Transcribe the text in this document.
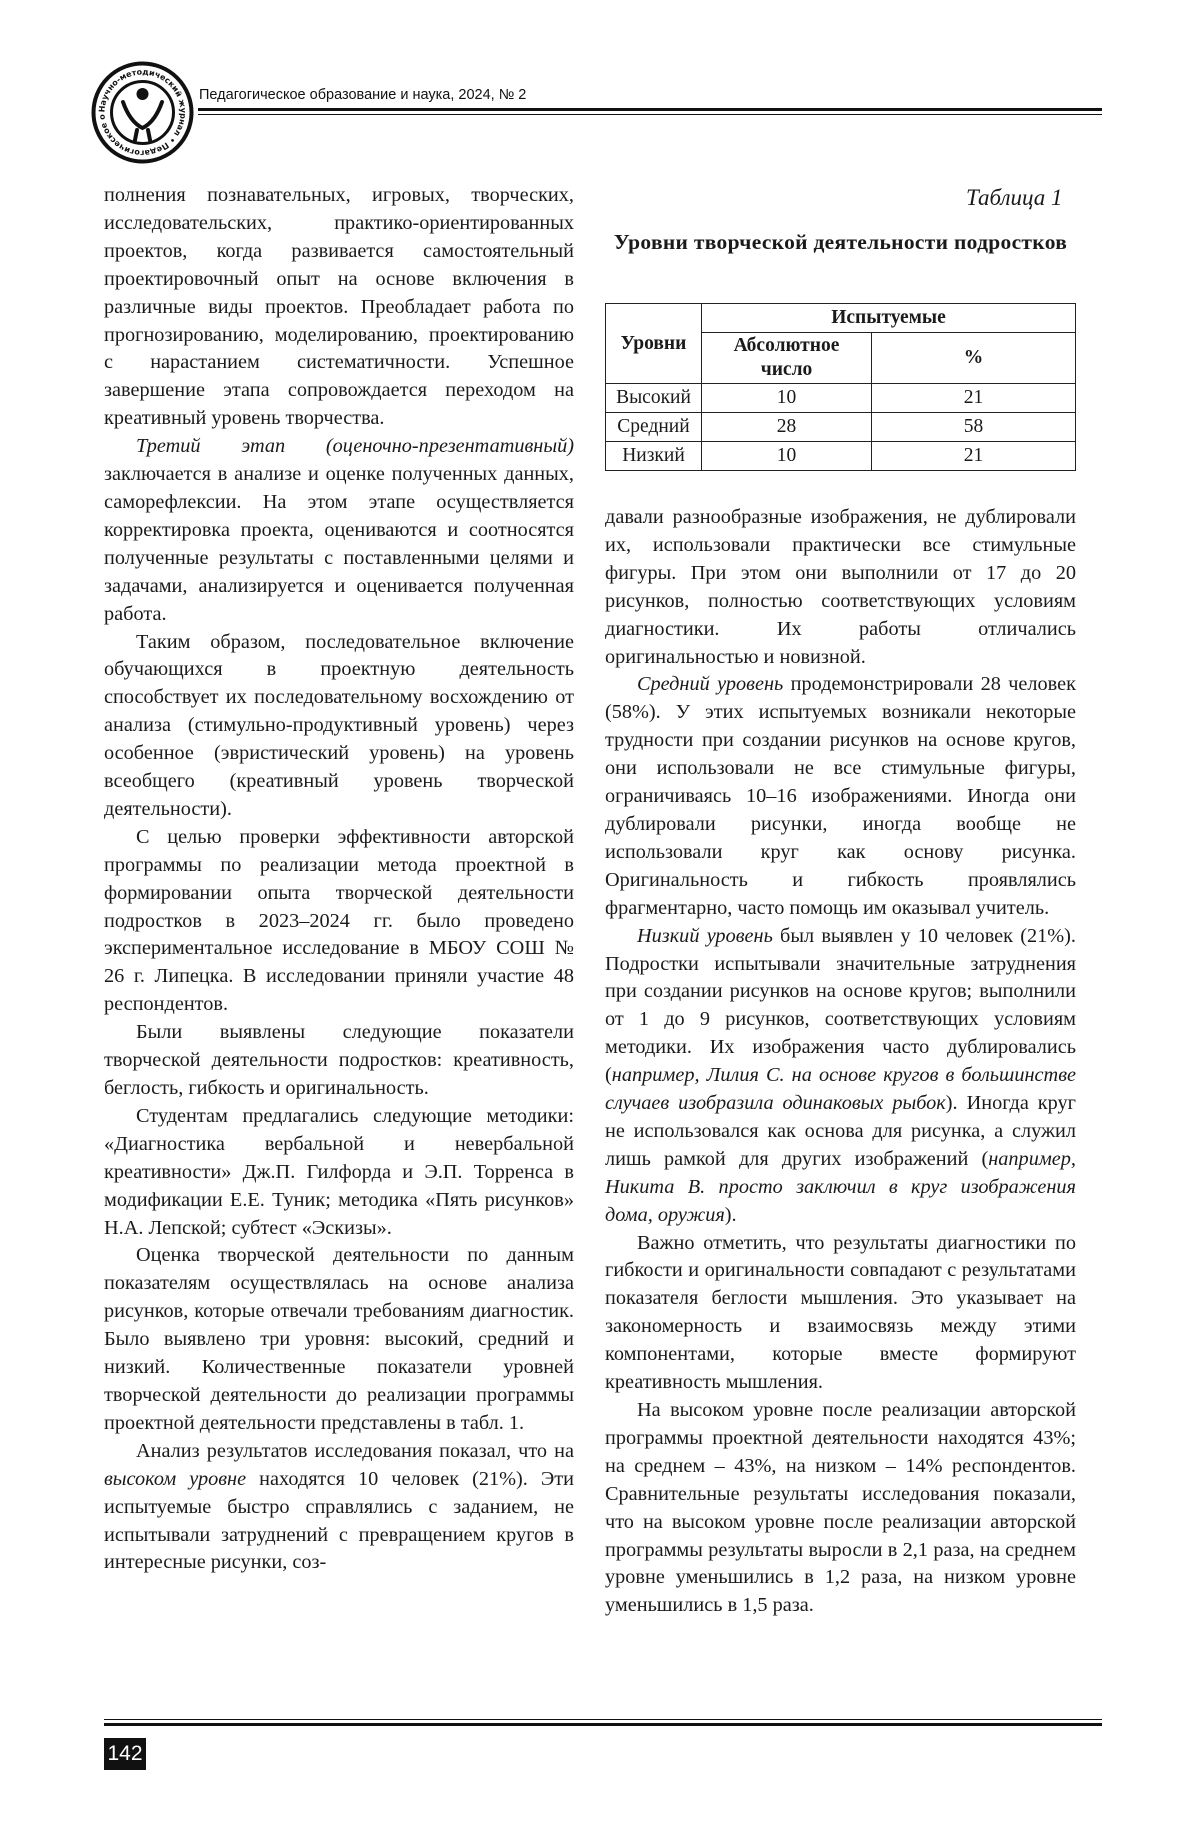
Научно-методический журнал • Педагогическое о
Педагогическое образование и наука, 2024, № 2

полнения познавательных, игровых, творческих, исследовательских, практико-ориентированных проектов, когда развивается самостоятельный проектировочный опыт на основе включения в различные виды проектов. Преобладает работа по прогнозированию, моделированию, проектированию с нарастанием систематичности. Успешное завершение этапа сопровождается переходом на креативный уровень творчества.

Третий этап (оценочно-презентативный) заключается в анализе и оценке полученных данных, саморефлексии. На этом этапе осуществляется корректировка проекта, оцениваются и соотносятся полученные результаты с поставленными целями и задачами, анализируется и оценивается полученная работа.

Таким образом, последовательное включение обучающихся в проектную деятельность способствует их последовательному восхождению от анализа (стимульно-продуктивный уровень) через особенное (эвристический уровень) на уровень всеобщего (креативный уровень творческой деятельности).

С целью проверки эффективности авторской программы по реализации метода проектной в формировании опыта творческой деятельности подростков в 2023–2024 гг. было проведено экспериментальное исследование в МБОУ СОШ № 26 г. Липецка. В исследовании приняли участие 48 респондентов.

Были выявлены следующие показатели творческой деятельности подростков: креативность, беглость, гибкость и оригинальность.

Студентам предлагались следующие методики: «Диагностика вербальной и невербальной креативности» Дж.П. Гилфорда и Э.П. Торренса в модификации Е.Е. Туник; методика «Пять рисунков» Н.А. Лепской; субтест «Эскизы».

Оценка творческой деятельности по данным показателям осуществлялась на основе анализа рисунков, которые отвечали требованиям диагностик. Было выявлено три уровня: высокий, средний и низкий. Количественные показатели уровней творческой деятельности до реализации программы проектной деятельности представлены в табл. 1.

Анализ результатов исследования показал, что на высоком уровне находятся 10 человек (21%). Эти испытуемые быстро справлялись с заданием, не испытывали затруднений с превращением кругов в интересные рисунки, соз-

Таблица 1
Уровни творческой деятельности подростков
Уровни	Испытуемые	
	Абсолютное число	%
Высокий	10	21
Средний	28	58
Низкий	10	21

давали разнообразные изображения, не дублировали их, использовали практически все стимульные фигуры. При этом они выполнили от 17 до 20 рисунков, полностью соответствующих условиям диагностики. Их работы отличались оригинальностью и новизной.

Средний уровень продемонстрировали 28 человек (58%). У этих испытуемых возникали некоторые трудности при создании рисунков на основе кругов, они использовали не все стимульные фигуры, ограничиваясь 10–16 изображениями. Иногда они дублировали рисунки, иногда вообще не использовали круг как основу рисунка. Оригинальность и гибкость проявлялись фрагментарно, часто помощь им оказывал учитель.

Низкий уровень был выявлен у 10 человек (21%). Подростки испытывали значительные затруднения при создании рисунков на основе кругов; выполнили от 1 до 9 рисунков, соответствующих условиям методики. Их изображения часто дублировались (например, Лилия С. на основе кругов в большинстве случаев изобразила одинаковых рыбок). Иногда круг не использовался как основа для рисунка, а служил лишь рамкой для других изображений (например, Никита В. просто заключил в круг изображения дома, оружия).

Важно отметить, что результаты диагностики по гибкости и оригинальности совпадают с результатами показателя беглости мышления. Это указывает на закономерность и взаимосвязь между этими компонентами, которые вместе формируют креативность мышления.

На высоком уровне после реализации авторской программы проектной деятельности находятся 43%; на среднем – 43%, на низком – 14% респондентов. Сравнительные результаты исследования показали, что на высоком уровне после реализации авторской программы результаты выросли в 2,1 раза, на среднем уровне уменьшились в 1,2 раза, на низком уровне уменьшились в 1,5 раза.

142
